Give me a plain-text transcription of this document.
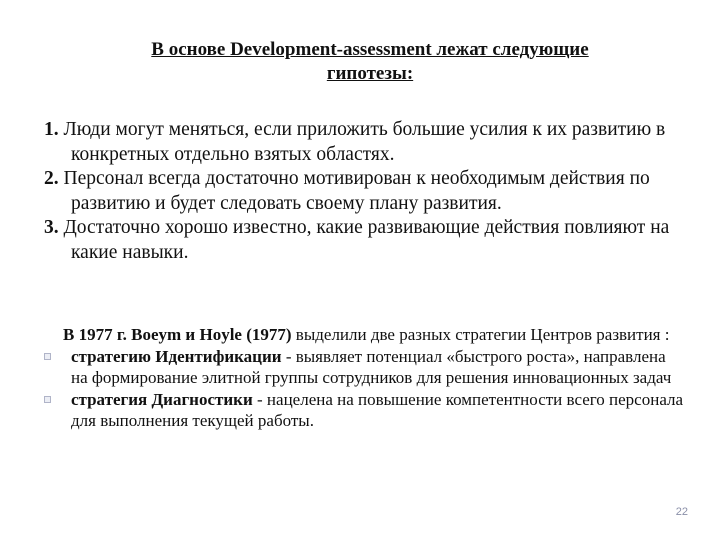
В основе Development-assessment лежат следующие
гипотезы:

1. Люди могут меняться, если приложить большие усилия к их развитию в конкретных отдельно взятых областях.

2. Персонал всегда достаточно мотивирован к необходимым действия по развитию и будет следовать своему плану развития.

3. Достаточно хорошо известно, какие развивающие действия повлияют на какие навыки.

В 1977 г. Boeym и Hoyle (1977) выделили две разных стратегии Центров развития :

стратегию Идентификации - выявляет потенциал «быстрого роста», направлена на формирование элитной группы сотрудников для решения инновационных задач

стратегия Диагностики - нацелена на повышение компетентности всего персонала для выполнения текущей работы.

22
